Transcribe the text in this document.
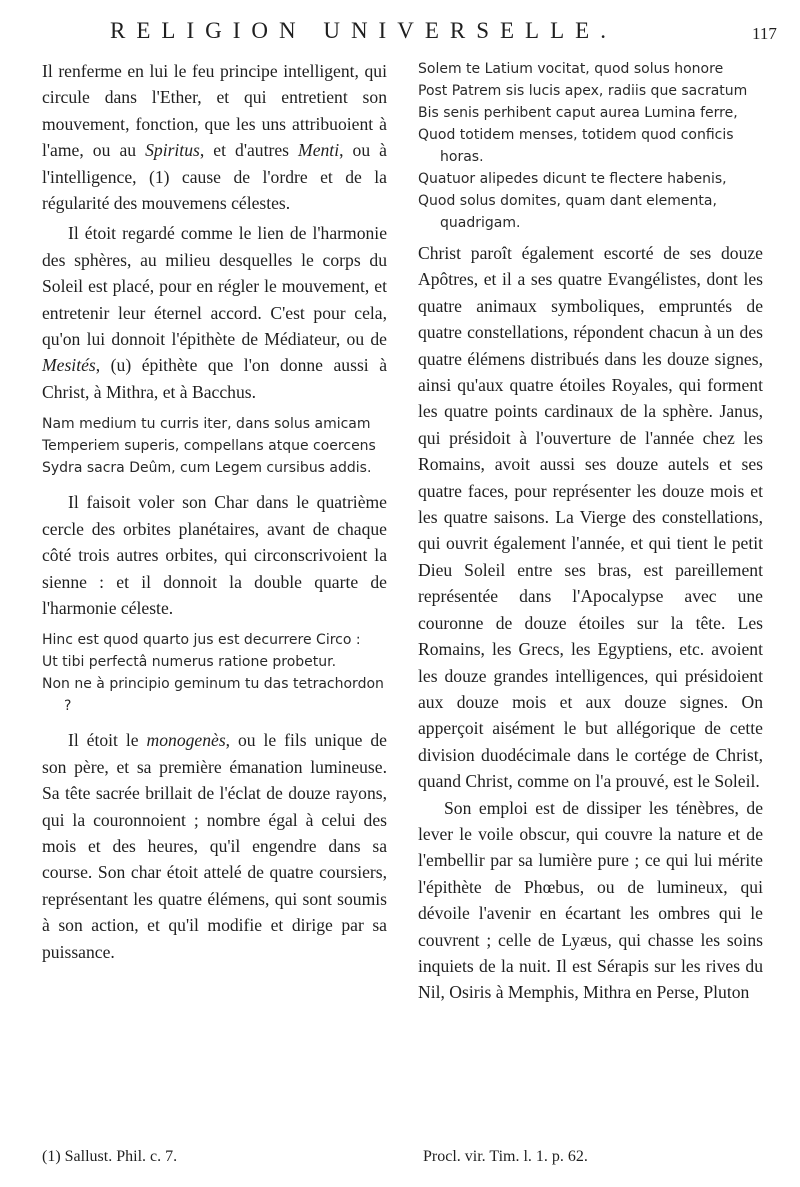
RELIGION UNIVERSELLE.	117

Il renferme en lui le feu principe intelligent, qui circule dans l'Ether, et qui entretient son mouvement, fonction, que les uns attribuoient à l'ame, ou au Spiritus, et d'autres Menti, ou à l'intelligence, (1) cause de l'ordre et de la régularité des mouvemens célestes.

Il étoit regardé comme le lien de l'harmonie des sphères, au milieu desquelles le corps du Soleil est placé, pour en régler le mouvement, et entretenir leur éternel accord. C'est pour cela, qu'on lui donnoit l'épithète de Médiateur, ou de Mesités, (u) épithète que l'on donne aussi à Christ, à Mithra, et à Bacchus.

Nam medium tu curris iter, dans solus amicam
Temperiem superis, compellans atque coercens
Sydra sacra Deûm, cum Legem cursibus addis.

Il faisoit voler son Char dans le quatrième cercle des orbites planétaires, avant de chaque côté trois autres orbites, qui circonscrivoient la sienne : et il donnoit la double quarte de l'harmonie céleste.

Hinc est quod quarto jus est decurrere Circo :
Ut tibi perfectâ numerus ratione probetur.
Non ne à principio geminum tu das tetrachordon ?

Il étoit le monogenès, ou le fils unique de son père, et sa première émanation lumineuse. Sa tête sacrée brillait de l'éclat de douze rayons, qui la couronnoient ; nombre égal à celui des mois et des heures, qu'il engendre dans sa course. Son char étoit attelé de quatre coursiers, représentant les quatre élémens, qui sont soumis à son action, et qu'il modifie et dirige par sa puissance.

Solem te Latium vocitat, quod solus honore
Post Patrem sis lucis apex, radiis que sacratum
Bis senis perhibent caput aurea Lumina ferre,
Quod totidem menses, totidem quod conficis horas.
Quatuor alipedes dicunt te flectere habenis,
Quod solus domites, quam dant elementa, quadrigam.

Christ paroît également escorté de ses douze Apôtres, et il a ses quatre Evangélistes, dont les quatre animaux symboliques, empruntés de quatre constellations, répondent chacun à un des quatre élémens distribués dans les douze signes, ainsi qu'aux quatre étoiles Royales, qui forment les quatre points cardinaux de la sphère. Janus, qui présidoit à l'ouverture de l'année chez les Romains, avoit aussi ses douze autels et ses quatre faces, pour représenter les douze mois et les quatre saisons. La Vierge des constellations, qui ouvrit également l'année, et qui tient le petit Dieu Soleil entre ses bras, est pareillement représentée dans l'Apocalypse avec une couronne de douze étoiles sur la tête. Les Romains, les Grecs, les Egyptiens, etc. avoient les douze grandes intelligences, qui présidoient aux douze mois et aux douze signes. On apperçoit aisément le but allégorique de cette division duodécimale dans le cortége de Christ, quand Christ, comme on l'a prouvé, est le Soleil.

Son emploi est de dissiper les ténèbres, de lever le voile obscur, qui couvre la nature et de l'embellir par sa lumière pure ; ce qui lui mérite l'épithète de Phœbus, ou de lumineux, qui dévoile l'avenir en écartant les ombres qui le couvrent ; celle de Lyæus, qui chasse les soins inquiets de la nuit. Il est Sérapis sur les rives du Nil, Osiris à Memphis, Mithra en Perse, Pluton

(1) Sallust. Phil. c. 7.	Procl. vir. Tim. l. 1. p. 62.
